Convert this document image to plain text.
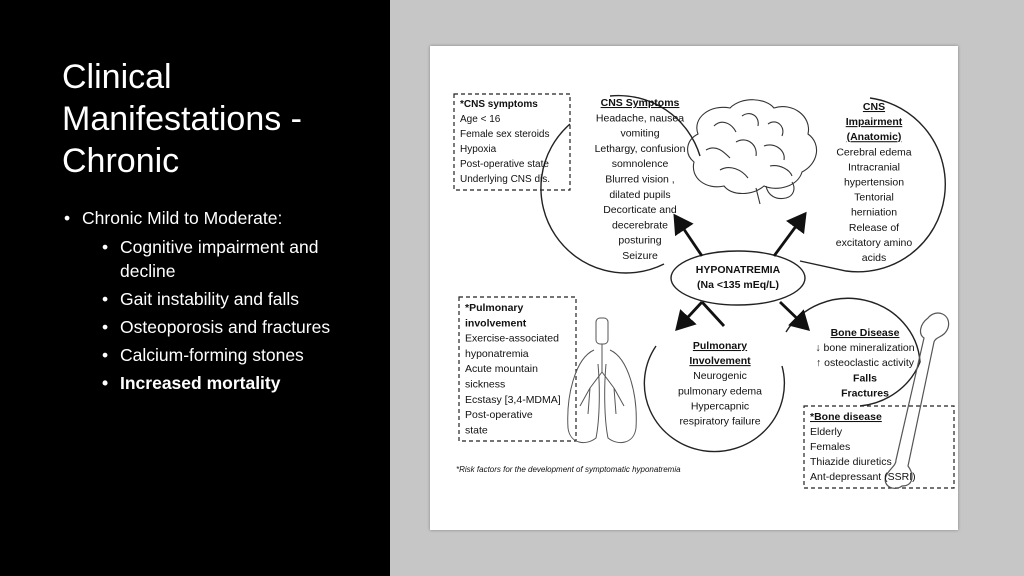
Clinical
Manifestations -
Chronic
• Chronic Mild to Moderate:
• Cognitive impairment and decline
• Gait instability and falls
• Osteoporosis and fractures
• Calcium-forming stones
• Increased mortality
*CNS symptoms
Age < 16
Female sex steroids
Hypoxia
Post-operative state
Underlying CNS dis.
CNS Symptoms
Headache, nausea
vomiting
Lethargy, confusion
somnolence
Blurred vision ,
dilated pupils
Decorticate and
decerebrate
posturing
Seizure
CNS
Impairment
(Anatomic)
Cerebral edema
Intracranial
hypertension
Tentorial
herniation
Release of
excitatory amino
acids
HYPONATREMIA
(Na <135 mEq/L)
*Pulmonary
involvement
Exercise-associated
hyponatremia
Acute mountain
sickness
Ecstasy [3,4-MDMA]
Post-operative
state
Pulmonary
Involvement
Neurogenic
pulmonary edema
Hypercapnic
respiratory failure
Bone Disease
↓ bone mineralization
↑ osteoclastic activity
Falls
Fractures
*Bone disease
Elderly
Females
Thiazide diuretics
Ant-depressant (SSRI)
*Risk factors for the development of symptomatic hyponatremia
